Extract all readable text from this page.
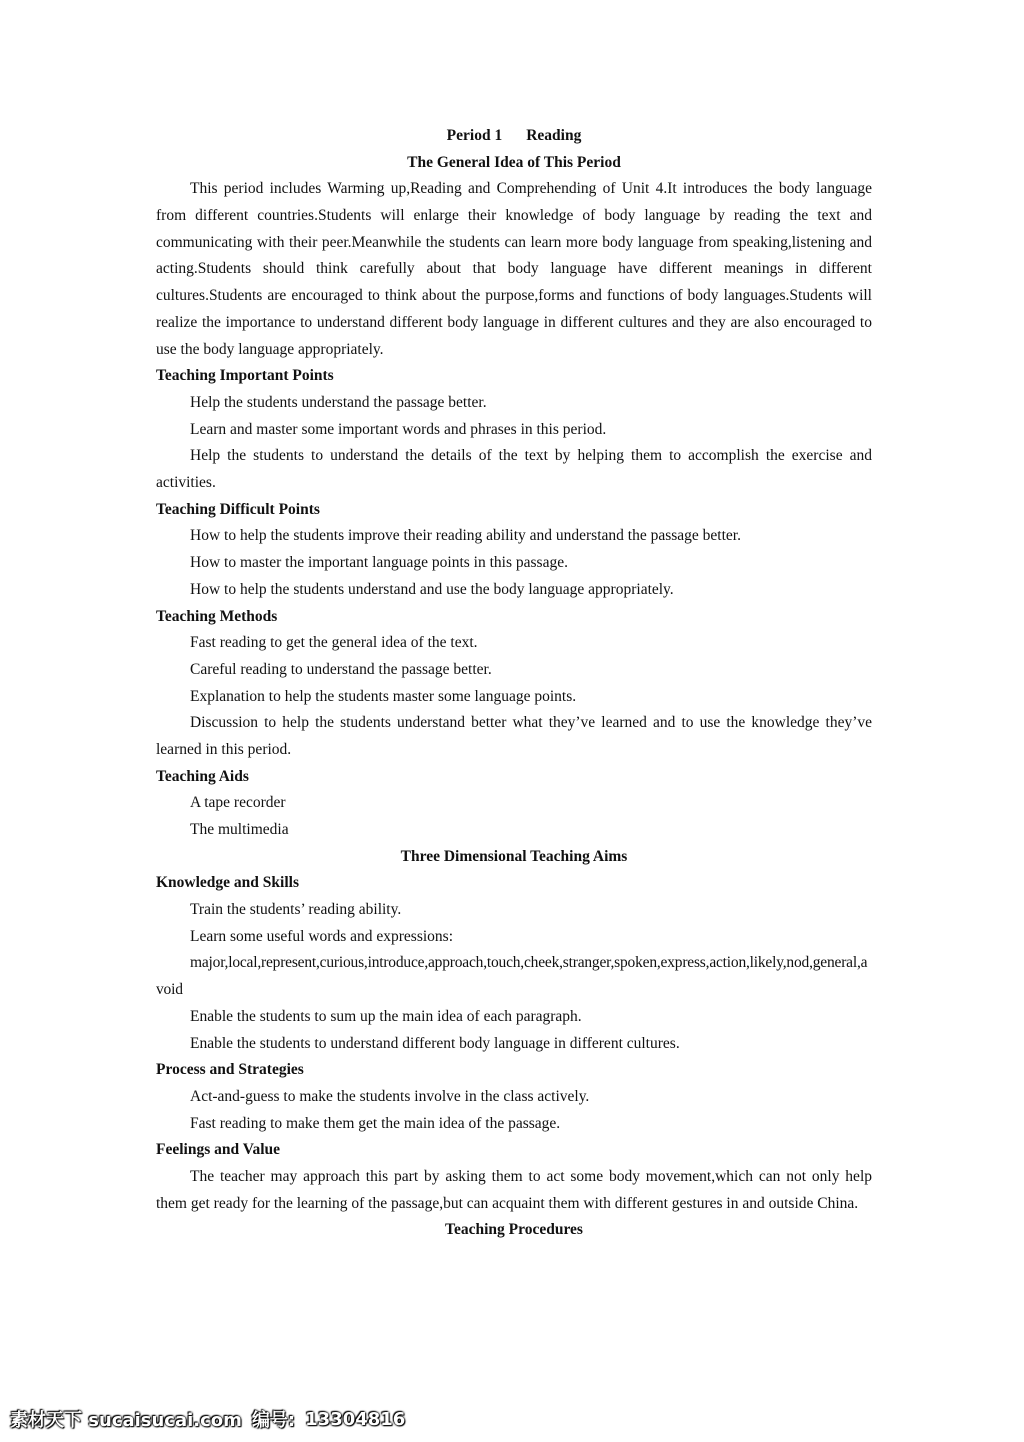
Period 1 Reading
The General Idea of This Period
This period includes Warming up,Reading and Comprehending of Unit 4.It introduces the body language from different countries.Students will enlarge their knowledge of body language by reading the text and communicating with their peer.Meanwhile the students can learn more body language from speaking,listening and acting.Students should think carefully about that body language have different meanings in different cultures.Students are encouraged to think about the purpose,forms and functions of body languages.Students will realize the importance to understand different body language in different cultures and they are also encouraged to use the body language appropriately.
Teaching Important Points
Help the students understand the passage better.
Learn and master some important words and phrases in this period.
Help the students to understand the details of the text by helping them to accomplish the exercise and activities.
Teaching Difficult Points
How to help the students improve their reading ability and understand the passage better.
How to master the important language points in this passage.
How to help the students understand and use the body language appropriately.
Teaching Methods
Fast reading to get the general idea of the text.
Careful reading to understand the passage better.
Explanation to help the students master some language points.
Discussion to help the students understand better what they’ve learned and to use the knowledge they’ve learned in this period.
Teaching Aids
A tape recorder
The multimedia
Three Dimensional Teaching Aims
Knowledge and Skills
Train the students’ reading ability.
Learn some useful words and expressions:
major,local,represent,curious,introduce,approach,touch,cheek,stranger,spoken,express,action,likely,nod,general,avoid
Enable the students to sum up the main idea of each paragraph.
Enable the students to understand different body language in different cultures.
Process and Strategies
Act-and-guess to make the students involve in the class actively.
Fast reading to make them get the main idea of the passage.
Feelings and Value
The teacher may approach this part by asking them to act some body movement,which can not only help them get ready for the learning of the passage,but can acquaint them with different gestures in and outside China.
Teaching Procedures
素材天下 sucaisucai.com 编号: 13304816
